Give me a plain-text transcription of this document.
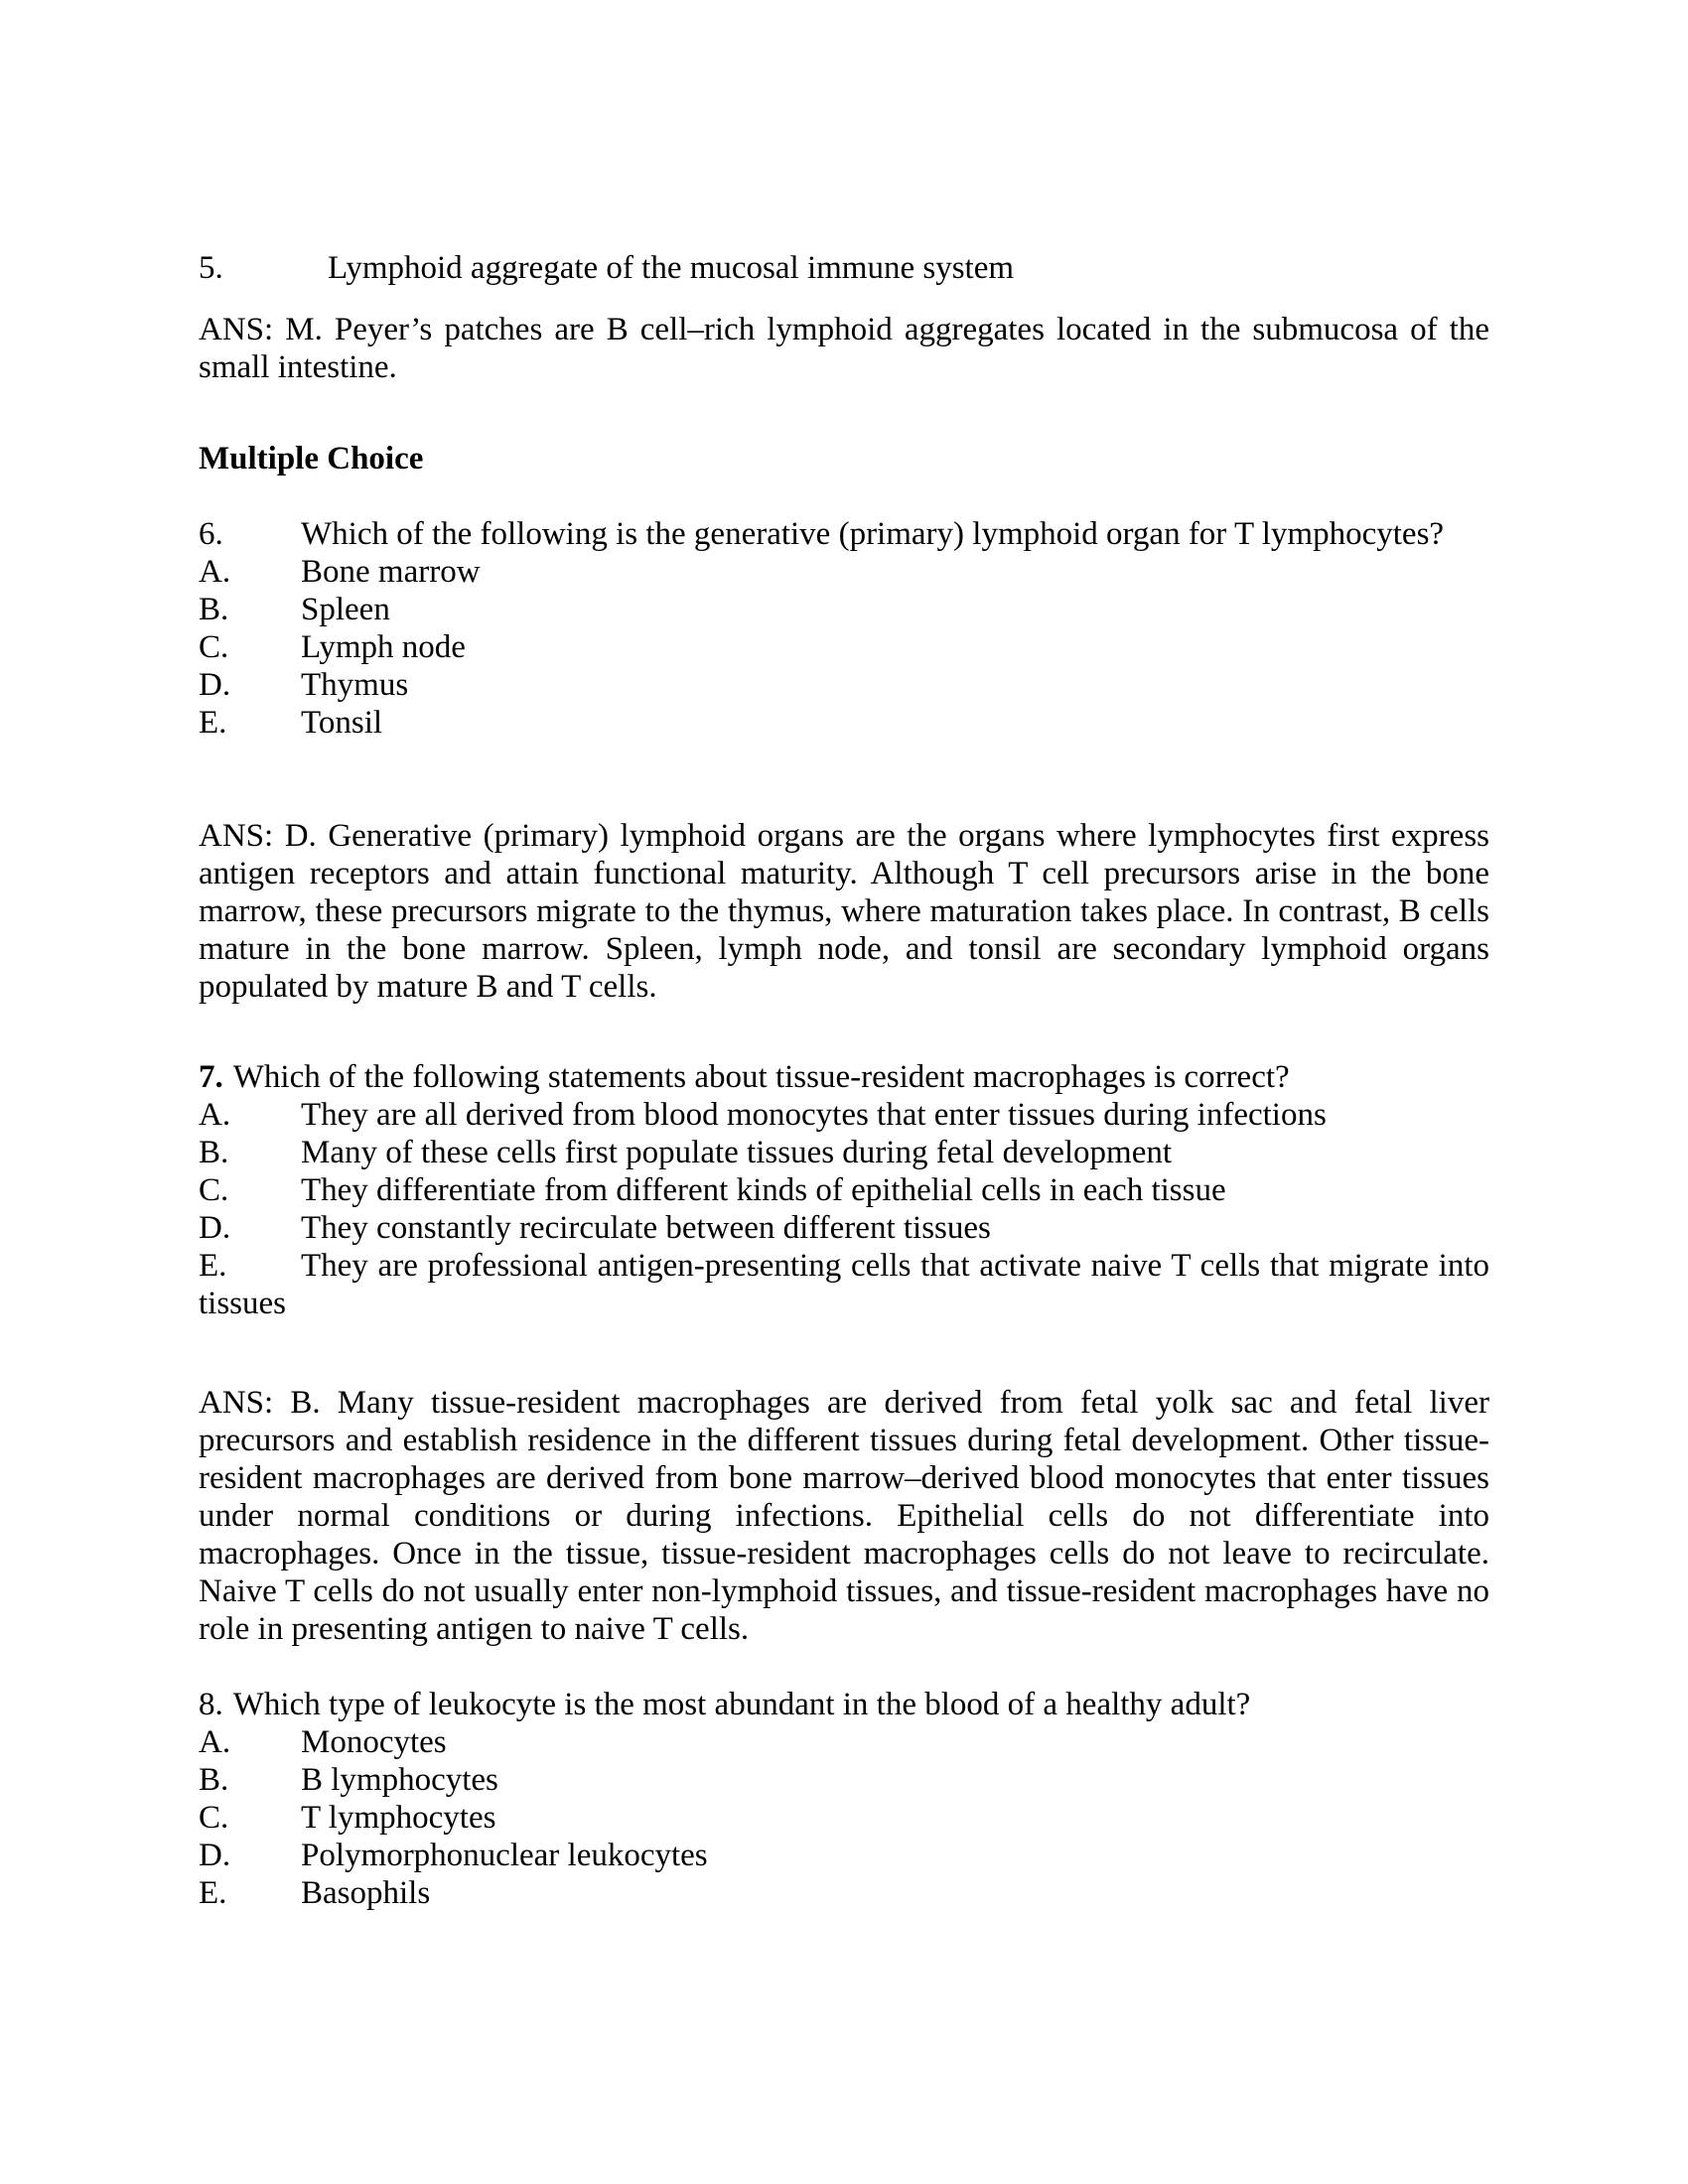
5.	Lymphoid aggregate of the mucosal immune system

ANS: M. Peyer’s patches are B cell–rich lymphoid aggregates located in the submucosa of the small intestine.

Multiple Choice

6. Which of the following is the generative (primary) lymphoid organ for T lymphocytes?

A. Bone marrow

B. Spleen

C. Lymph node

D. Thymus

E. Tonsil

ANS: D. Generative (primary) lymphoid organs are the organs where lymphocytes first express antigen receptors and attain functional maturity. Although T cell precursors arise in the bone marrow, these precursors migrate to the thymus, where maturation takes place. In contrast, B cells mature in the bone marrow. Spleen, lymph node, and tonsil are secondary lymphoid organs populated by mature B and T cells.

7. Which of the following statements about tissue-resident macrophages is correct?

A. They are all derived from blood monocytes that enter tissues during infections

B. Many of these cells first populate tissues during fetal development

C. They differentiate from different kinds of epithelial cells in each tissue

D. They constantly recirculate between different tissues

E. They are professional antigen-presenting cells that activate naive T cells that migrate into tissues

ANS: B. Many tissue-resident macrophages are derived from fetal yolk sac and fetal liver precursors and establish residence in the different tissues during fetal development. Other tissue-resident macrophages are derived from bone marrow–derived blood monocytes that enter tissues under normal conditions or during infections. Epithelial cells do not differentiate into macrophages. Once in the tissue, tissue-resident macrophages cells do not leave to recirculate. Naive T cells do not usually enter non-lymphoid tissues, and tissue-resident macrophages have no role in presenting antigen to naive T cells.

8. Which type of leukocyte is the most abundant in the blood of a healthy adult?

A. Monocytes

B. B lymphocytes

C. T lymphocytes

D. Polymorphonuclear leukocytes

E. Basophils
